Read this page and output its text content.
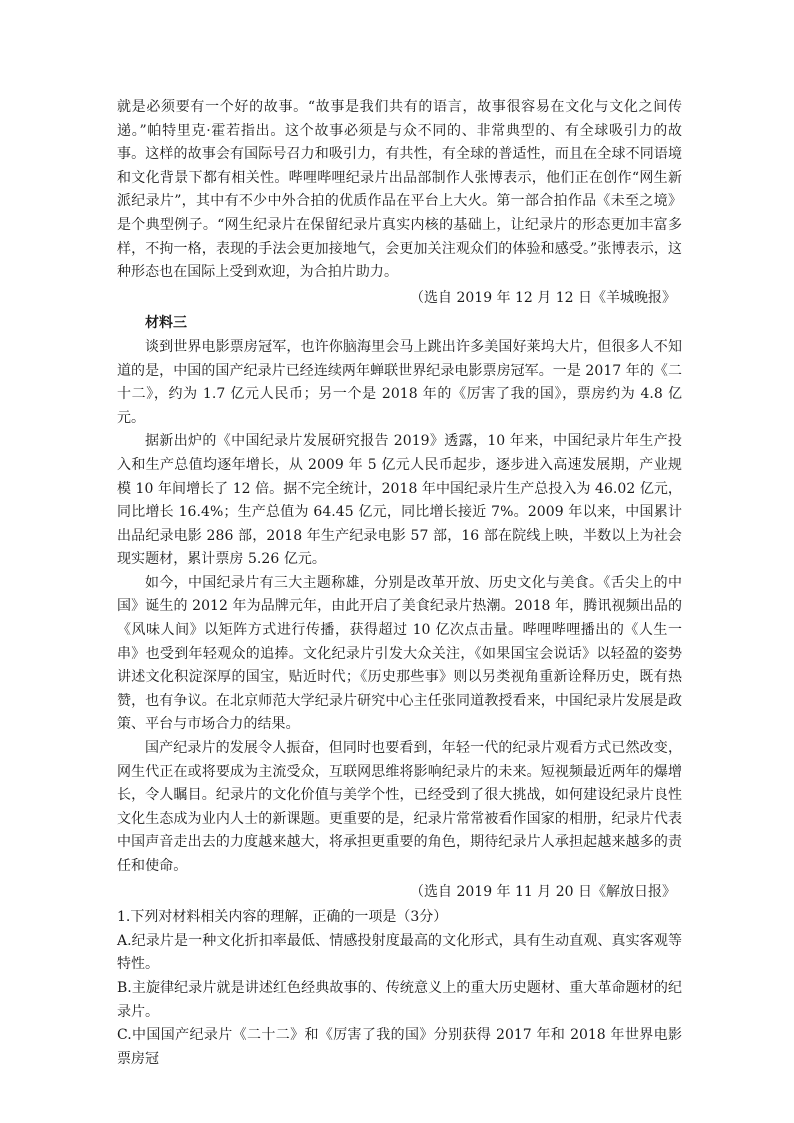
就是必须要有一个好的故事。“故事是我们共有的语言，故事很容易在文化与文化之间传递。”帕特里克·霍若指出。这个故事必须是与众不同的、非常典型的、有全球吸引力的故事。这样的故事会有国际号召力和吸引力，有共性，有全球的普适性，而且在全球不同语境和文化背景下都有相关性。哔哩哔哩纪录片出品部制作人张博表示，他们正在创作“网生新派纪录片”，其中有不少中外合拍的优质作品在平台上大火。第一部合拍作品《未至之境》是个典型例子。“网生纪录片在保留纪录片真实内核的基础上，让纪录片的形态更加丰富多样，不拘一格，表现的手法会更加接地气，会更加关注观众们的体验和感受。”张博表示，这种形态也在国际上受到欢迎，为合拍片助力。

（选自 2019 年 12 月 12 日《羊城晚报》

材料三

谈到世界电影票房冠军，也许你脑海里会马上跳出许多美国好莱坞大片，但很多人不知道的是，中国的国产纪录片已经连续两年蝉联世界纪录电影票房冠军。一是 2017 年的《二十二》，约为 1.7 亿元人民币；另一个是 2018 年的《厉害了我的国》，票房约为 4.8 亿元。

据新出炉的《中国纪录片发展研究报告 2019》透露，10 年来，中国纪录片年生产投入和生产总值均逐年增长，从 2009 年 5 亿元人民币起步，逐步进入高速发展期，产业规模 10 年间增长了 12 倍。据不完全统计，2018 年中国纪录片生产总投入为 46.02 亿元，同比增长 16.4%；生产总值为 64.45 亿元，同比增长接近 7%。2009 年以来，中国累计出品纪录电影 286 部，2018 年生产纪录电影 57 部，16 部在院线上映，半数以上为社会现实题材，累计票房 5.26 亿元。

如今，中国纪录片有三大主题称雄，分别是改革开放、历史文化与美食。《舌尖上的中国》诞生的 2012 年为品牌元年，由此开启了美食纪录片热潮。2018 年，腾讯视频出品的《风味人间》以矩阵方式进行传播，获得超过 10 亿次点击量。哔哩哔哩播出的《人生一串》也受到年轻观众的追捧。文化纪录片引发大众关注，《如果国宝会说话》以轻盈的姿势讲述文化积淀深厚的国宝，贴近时代；《历史那些事》则以另类视角重新诠释历史，既有热赞，也有争议。在北京师范大学纪录片研究中心主任张同道教授看来，中国纪录片发展是政策、平台与市场合力的结果。

国产纪录片的发展令人振奋，但同时也要看到，年轻一代的纪录片观看方式已然改变，网生代正在或将要成为主流受众，互联网思维将影响纪录片的未来。短视频最近两年的爆增长，令人瞩目。纪录片的文化价值与美学个性，已经受到了很大挑战，如何建设纪录片良性文化生态成为业内人士的新课题。更重要的是，纪录片常常被看作国家的相册，纪录片代表中国声音走出去的力度越来越大，将承担更重要的角色，期待纪录片人承担起越来越多的责任和使命。

（选自 2019 年 11 月 20 日《解放日报》

1.下列对材料相关内容的理解，正确的一项是（3分）

A.纪录片是一种文化折扣率最低、情感投射度最高的文化形式，具有生动直观、真实客观等特性。

B.主旋律纪录片就是讲述红色经典故事的、传统意义上的重大历史题材、重大革命题材的纪录片。

C.中国国产纪录片《二十二》和《厉害了我的国》分别获得 2017 年和 2018 年世界电影票房冠
